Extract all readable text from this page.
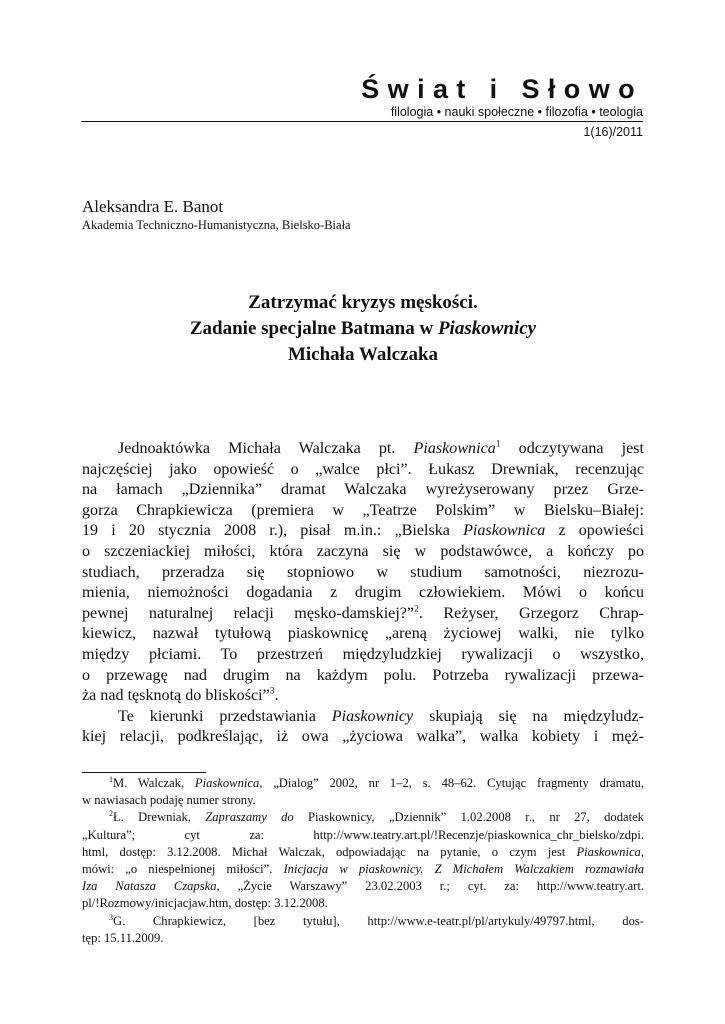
Świat i Słowo
filologia • nauki społeczne • filozofia • teologia
1(16)/2011
Aleksandra E. Banot
Akademia Techniczno-Humanistyczna, Bielsko-Biała
Zatrzymać kryzys męskości.
Zadanie specjalne Batmana w Piaskownicy
Michała Walczaka
Jednoaktówka Michała Walczaka pt. Piaskownica$^1$ odczytywana jest
najczęściej jako opowieść o „walce płci”. Łukasz Drewniak, recenzując
na łamach „Dziennika” dramat Walczaka wyreżyserowany przez Grze-
gorza Chrapkiewicza (premiera w „Teatrze Polskim” w Bielsku–Białej:
19 i 20 stycznia 2008 r.), pisał m.in.: „Bielska Piaskownica z opowieści
o szczeniackiej miłości, która zaczyna się w podstawówce, a kończy po
studiach, przeradza się stopniowo w studium samotności, niezrozu-
mienia, niemożności dogadania z drugim człowiekiem. Mówi o końcu
pewnej naturalnej relacji męsko-damskiej?”$^2$. Reżyser, Grzegorz Chrap-
kiewicz, nazwał tytułową piaskownicę „areną życiowej walki, nie tylko
między płciami. To przestrzeń międzyludzkiej rywalizacji o wszystko,
o przewagę nad drugim na każdym polu. Potrzeba rywalizacji przewa-
ża nad tęsknotą do bliskości”$^3$.
Te kierunki przedstawiania Piaskownicy skupiają się na międzyludz-
kiej relacji, podkreślając, iż owa „życiowa walka”, walka kobiety i męż-
$^1$M. Walczak, Piaskownica, „Dialog” 2002, nr 1–2, s. 48–62. Cytując fragmenty dramatu,
w nawiasach podaję numer strony.
$^2$Ł. Drewniak, Zapraszamy do Piaskownicy, „Dziennik” 1.02.2008 r., nr 27, dodatek
„Kultura”; cyt za: http://www.teatry.art.pl/!Recenzje/piaskownica_chr_bielsko/zdpi.
html, dostęp: 3.12.2008. Michał Walczak, odpowiadając na pytanie, o czym jest Piaskownica,
mówi: „o niespełnionej miłości”. Inicjacja w piaskownicy. Z Michałem Walczakiem rozmawiała
Iza Natasza Czapska, „Życie Warszawy” 23.02.2003 r.; cyt. za: http://www.teatry.art.
pl/!Rozmowy/inicjacjaw.htm, dostęp: 3.12.2008.
$^3$G. Chrapkiewicz, [bez tytułu], http://www.e-teatr.pl/pl/artykuly/49797.html, dos-
tęp: 15.11.2009.
